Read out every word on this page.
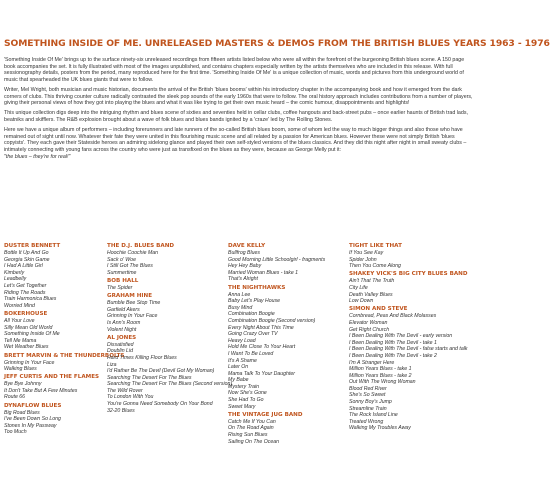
SOMETHING INSIDE OF ME. UNRELEASED MASTERS & DEMOS FROM THE BRITISH BLUES YEARS 1963 - 1976

'Something Inside Of Me' brings up to the surface ninety-six unreleased recordings from fifteen artists listed below who were all within the forefront of the burgeoning British blues scene. A 150 page book accompanies the set. It is fully illustrated with most of the images unpublished, and contains chapters especially written by the artists themselves who are included in this release. With full sessionography details, posters from the period, many reproduced here for the first time. 'Something Inside Of Me' is a unique collection of music, words and pictures from this underground world of music that spearheaded the UK blues giants that were to follow.

Writer, Mel Wright, both musician and music historian, documents the arrival of the British 'blues booms' within his introductory chapter in the accompanying book and how it emerged from the dark corners of clubs. This thriving counter culture radically contrasted the sleek pop sounds of the early 1960s that were to follow. The oral history approach includes contributions from a number of players, giving their personal views of how they got into playing the blues and what it was like trying to get their own music heard – the comic humour, disappointments and highlights!

This unique collection digs deep into the intriguing rhythm and blues scene of sixties and seventies held in cellar clubs, coffee hangouts and back-street pubs – once earlier haunts of British trad lads, beatniks and skifflers. The R&B explosion brought about a wave of folk blues and blues bands ignited by a 'craze' led by The Rolling Stones.

Here we have a unique album of performers – including forerunners and late runners of the so-called British blues boom, some of whom led the way to much bigger things and also those who have remained out of sight until now. Whatever their fate they were united in this flourishing music scene and all related by a passion for American blues. However these were not simply British 'blues copyists'. They each gave their Stateside heroes an admiring sidelong glance and played their own self-styled versions of the blues classics. And they did this night after night in small sweaty clubs – intimately connecting with young fans across the country who were just as transfixed on the blues as they were, because as George Melly put it:

"the blues – they're for real!"

DUSTER BENNETT
Bottle It Up And Go
Georgia Skin Game
I Had A Little Girl
Kimberly
Leadbelly
Let's Get Together
Riding The Roads
Train Harmonica Blues
Worried Mind
BOKERHOUSE
All Your Love
Silly Mean Old World
Something Inside Of Me
Tell Me Mama
Wet Weather Blues
BRETT MARVIN & THE THUNDERBOLTS
Grinning In Your Face
Walking Blues
JEFF CURTIS AND THE FLAMES
Bye Bye Johnny
It Don't Take But A Few Minutes
Route 66
DYNAFLOW BLUES
Big Road Blues
I've Been Down So Long
Stones In My Passway
Too Much
THE D.J. BLUES BAND
Hoochie Coochie Man
Sack o' Woe
I Still Got The Blues
Summertime
BOB HALL
The Spider
GRAHAM HINE
Bumble Bee Stop Time
Garfield Akers
Grinning In Your Face
Is Ann's Room
Violent Night
AL JONES
Dissatisfied
Doublin Lid
Hard Times Killing Floor Blues
Liza
I'd Rather Be The Devil (Devil Got My Woman)
Searching The Desert For The Blues
Searching The Desert For The Blues (Second version)
The Wild Rover
To London With You
You're Gonna Need Somebody On Your Bond
32-20 Blues
DAVE KELLY
Bullfrog Blues
Good Morning Little Schoolgirl - fragments
Hey Hey Baby
Married Woman Blues - take 1
That's Alright
THE NIGHTHAWKS
Anna Lee
Baby Let's Play House
Busy Mind
Combination Boogie
Combination Boogie (Second version)
Every Night About This Time
Going Crazy Over TV
Heavy Load
Hold Me Close To Your Heart
I Want To Be Loved
It's A Shame
Later On
Mama Talk To Your Daughter
My Babe
Mystery Train
Now She's Gone
She Had To Go
Sweet Mary
THE VINTAGE JUG BAND
Catch Me If You Can
On The Road Again
Rising Sun Blues
Sailing On The Ocean
TIGHT LIKE THAT
If You See Kay
Spider John
Then You Come Along
SHAKEY VICK'S BIG CITY BLUES BAND
Ain't That The Truth
City Life
Death Valley Blues
Low Down
SIMON AND STEVE
Cornbread, Peas And Black Molasses
Elevator Woman
Get Right Church
I Been Dealing With The Devil - early version
I Been Dealing With The Devil - take 1
I Been Dealing With The Devil - false starts and talk
I Been Dealing With The Devil - take 2
I'm A Stranger Here
Million Years Blues - take 1
Million Years Blues - take 2
Out With The Wrong Woman
Blood Red River
She's So Sweet
Sonny Boy's Jump
Streamline Train
The Rock Island Line
Treated Wrong
Walking My Troubles Away
